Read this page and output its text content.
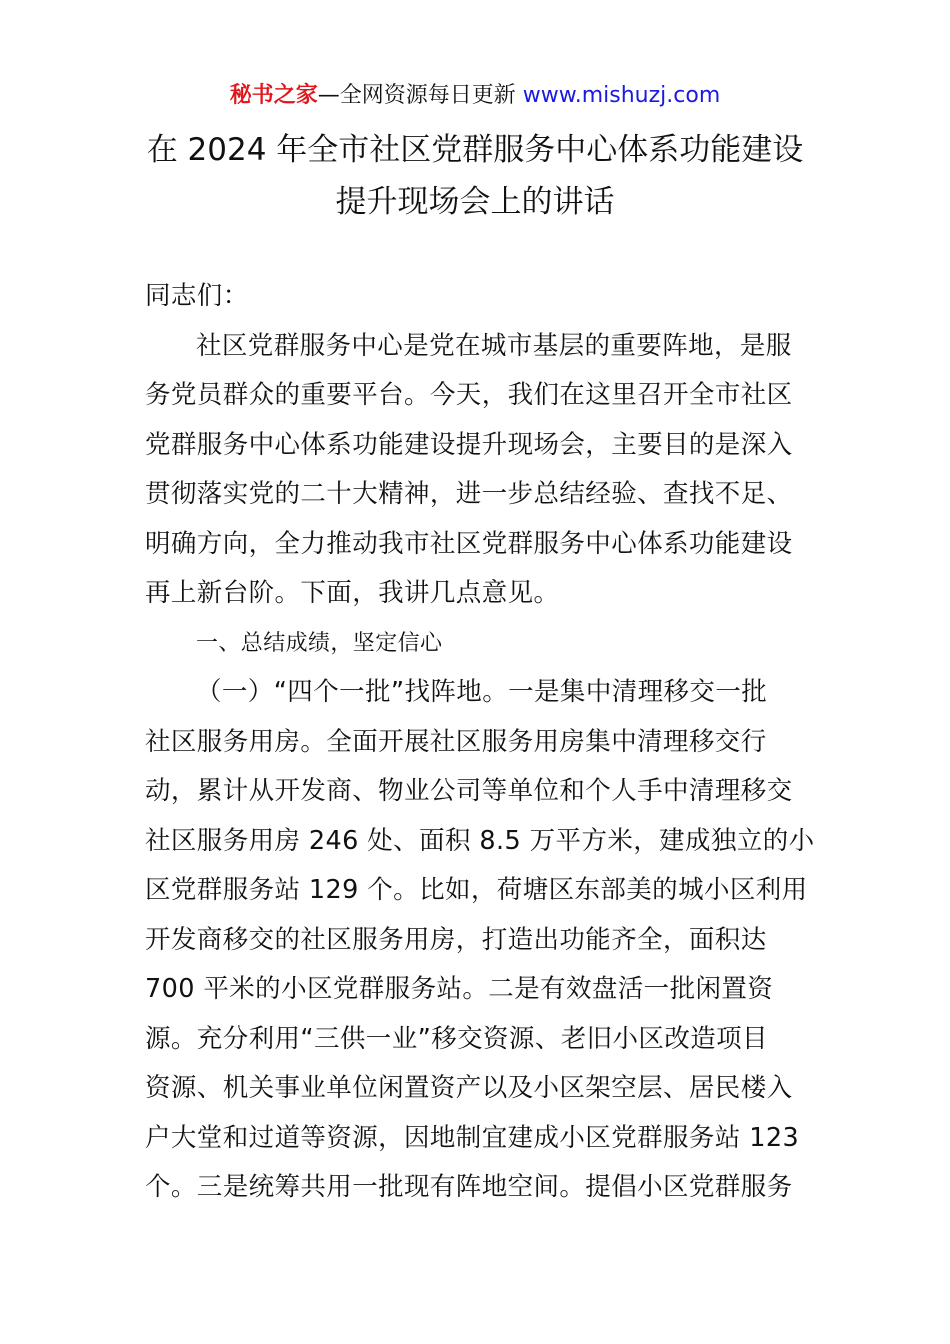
秘书之家—全网资源每日更新 www.mishuzj.com
在 2024 年全市社区党群服务中心体系功能建设
提升现场会上的讲话
同志们：
社区党群服务中心是党在城市基层的重要阵地，是服
务党员群众的重要平台。今天，我们在这里召开全市社区
党群服务中心体系功能建设提升现场会，主要目的是深入
贯彻落实党的二十大精神，进一步总结经验、查找不足、
明确方向，全力推动我市社区党群服务中心体系功能建设
再上新台阶。下面，我讲几点意见。
一、总结成绩，坚定信心
（一）“四个一批”找阵地。一是集中清理移交一批
社区服务用房。全面开展社区服务用房集中清理移交行
动，累计从开发商、物业公司等单位和个人手中清理移交
社区服务用房 246 处、面积 8.5 万平方米，建成独立的小
区党群服务站 129 个。比如，荷塘区东部美的城小区利用
开发商移交的社区服务用房，打造出功能齐全，面积达
700 平米的小区党群服务站。二是有效盘活一批闲置资
源。充分利用“三供一业”移交资源、老旧小区改造项目
资源、机关事业单位闲置资产以及小区架空层、居民楼入
户大堂和过道等资源，因地制宜建成小区党群服务站 123
个。三是统筹共用一批现有阵地空间。提倡小区党群服务
